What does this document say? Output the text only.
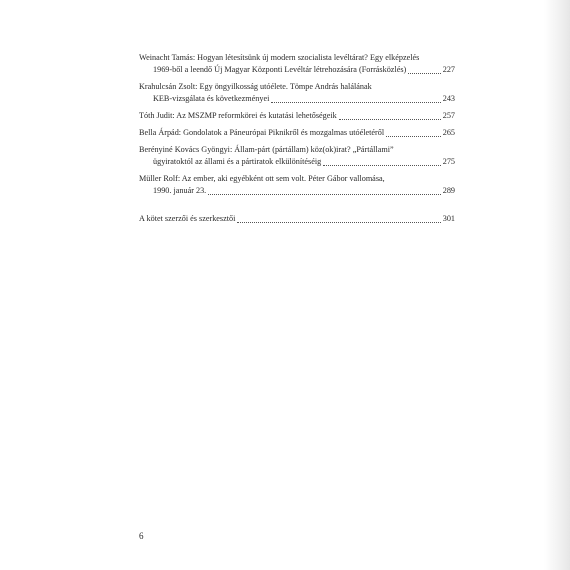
Weinacht Tamás: Hogyan létesítsünk új modern szocialista levéltárat? Egy elképzelés
1969-ből a leendő Új Magyar Központi Levéltár létrehozására (Forrásközlés)	227
Krahulcsán Zsolt: Egy öngyilkosság utóélete. Tömpe András halálának
KEB-vizsgálata és következményei	243
Tóth Judit: Az MSZMP reformkörei és kutatási lehetőségeik	257
Bella Árpád: Gondolatok a Páneurópai Piknikről és mozgalmas utóéletéről	265
Berényiné Kovács Gyöngyi: Állam-párt (pártállam) köz(ok)irat? „Pártállami”
ügyiratoktól az állami és a pártiratok elkülönítéséig	275
Müller Rolf: Az ember, aki egyébként ott sem volt. Péter Gábor vallomása,
1990. január 23.	289
A kötet szerzői és szerkesztői	301
6
